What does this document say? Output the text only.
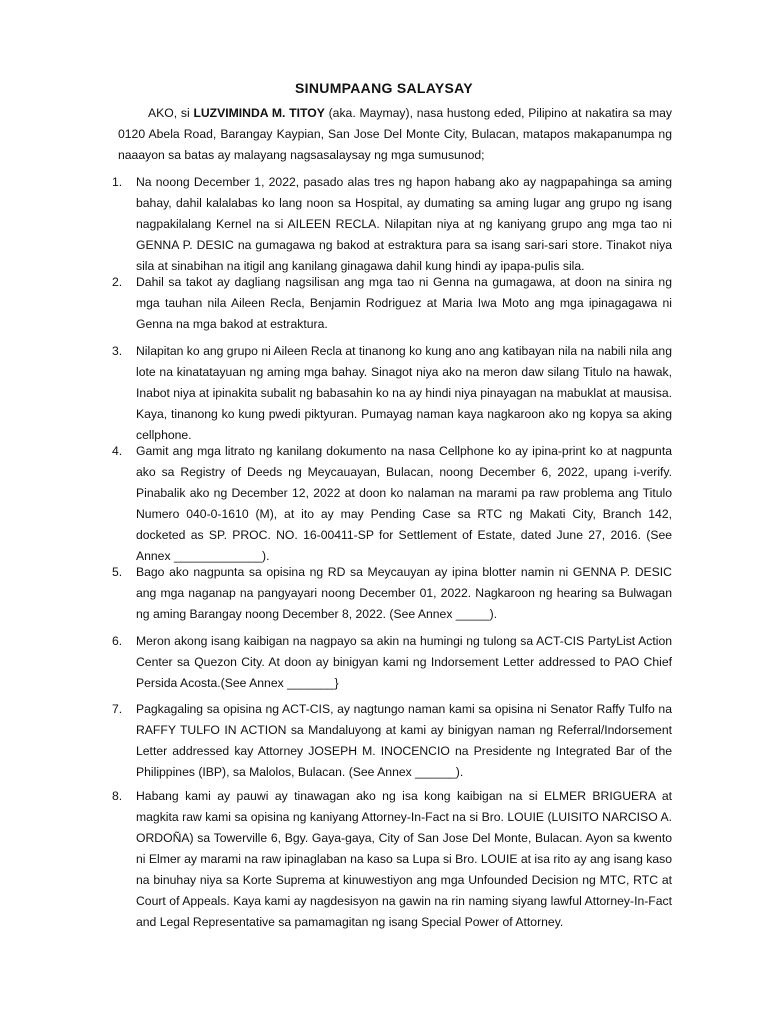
SINUMPAANG SALAYSAY
AKO, si LUZVIMINDA M. TITOY (aka. Maymay), nasa hustong eded, Pilipino at nakatira sa may 0120 Abela Road, Barangay Kaypian, San Jose Del Monte City, Bulacan, matapos makapanumpa ng naaayon sa batas ay malayang nagsasalaysay ng mga sumusunod;
1.	Na noong December 1, 2022, pasado alas tres ng hapon habang ako ay nagpapahinga sa aming bahay, dahil kalalabas ko lang noon sa Hospital, ay dumating sa aming lugar ang grupo ng isang nagpakilalang Kernel na si AILEEN RECLA. Nilapitan niya at ng kaniyang grupo ang mga tao ni GENNA P. DESIC na gumagawa ng bakod at estraktura para sa isang sari-sari store. Tinakot niya sila at sinabihan na itigil ang kanilang ginagawa dahil kung hindi ay ipapa-pulis sila.
2.	Dahil sa takot ay dagliang nagsilisan ang mga tao ni Genna na gumagawa, at doon na sinira ng mga tauhan nila Aileen Recla, Benjamin Rodriguez at Maria Iwa Moto ang mga ipinagagawa ni Genna na mga bakod at estraktura.
3.	Nilapitan ko ang grupo ni Aileen Recla at tinanong ko kung ano ang katibayan nila na nabili nila ang lote na kinatatayuan ng aming mga bahay. Sinagot niya ako na meron daw silang Titulo na hawak, Inabot niya at ipinakita subalit ng babasahin ko na ay hindi niya pinayagan na mabuklat at mausisa. Kaya, tinanong ko kung pwedi piktyuran. Pumayag naman kaya nagkaroon ako ng kopya sa aking cellphone.
4.	Gamit ang mga litrato ng kanilang dokumento na nasa Cellphone ko ay ipina-print ko at nagpunta ako sa Registry of Deeds ng Meycauayan, Bulacan, noong December 6, 2022, upang i-verify. Pinabalik ako ng December 12, 2022 at doon ko nalaman na marami pa raw problema ang Titulo Numero 040-0-1610 (M), at ito ay may Pending Case sa RTC ng Makati City, Branch 142, docketed as SP. PROC. NO. 16-00411-SP for Settlement of Estate, dated June 27, 2016. (See Annex _____________).
5.	Bago ako nagpunta sa opisina ng RD sa Meycauyan ay ipina blotter namin ni GENNA P. DESIC ang mga naganap na pangyayari noong December 01, 2022. Nagkaroon ng hearing sa Bulwagan ng aming Barangay noong December 8, 2022. (See Annex _____).
6.	Meron akong isang kaibigan na nagpayo sa akin na humingi ng tulong sa ACT-CIS PartyList Action Center sa Quezon City. At doon ay binigyan kami ng Indorsement Letter addressed to PAO Chief Persida Acosta.(See Annex _______}
7.	Pagkagaling sa opisina ng ACT-CIS, ay nagtungo naman kami sa opisina ni Senator Raffy Tulfo na RAFFY TULFO IN ACTION sa Mandaluyong at kami ay binigyan naman ng Referral/Indorsement Letter addressed kay Attorney JOSEPH M. INOCENCIO na Presidente ng Integrated Bar of the Philippines (IBP), sa Malolos, Bulacan. (See Annex ______).
8.	Habang kami ay pauwi ay tinawagan ako ng isa kong kaibigan na si ELMER BRIGUERA at magkita raw kami sa opisina ng kaniyang Attorney-In-Fact na si Bro. LOUIE (LUISITO NARCISO A. ORDOÑA) sa Towerville 6, Bgy. Gaya-gaya, City of San Jose Del Monte, Bulacan. Ayon sa kwento ni Elmer ay marami na raw ipinaglaban na kaso sa Lupa si Bro. LOUIE at isa rito ay ang isang kaso na binuhay niya sa Korte Suprema at kinuwestiyon ang mga Unfounded Decision ng MTC, RTC at Court of Appeals. Kaya kami ay nagdesisyon na gawin na rin naming siyang lawful Attorney-In-Fact and Legal Representative sa pamamagitan ng isang Special Power of Attorney.
